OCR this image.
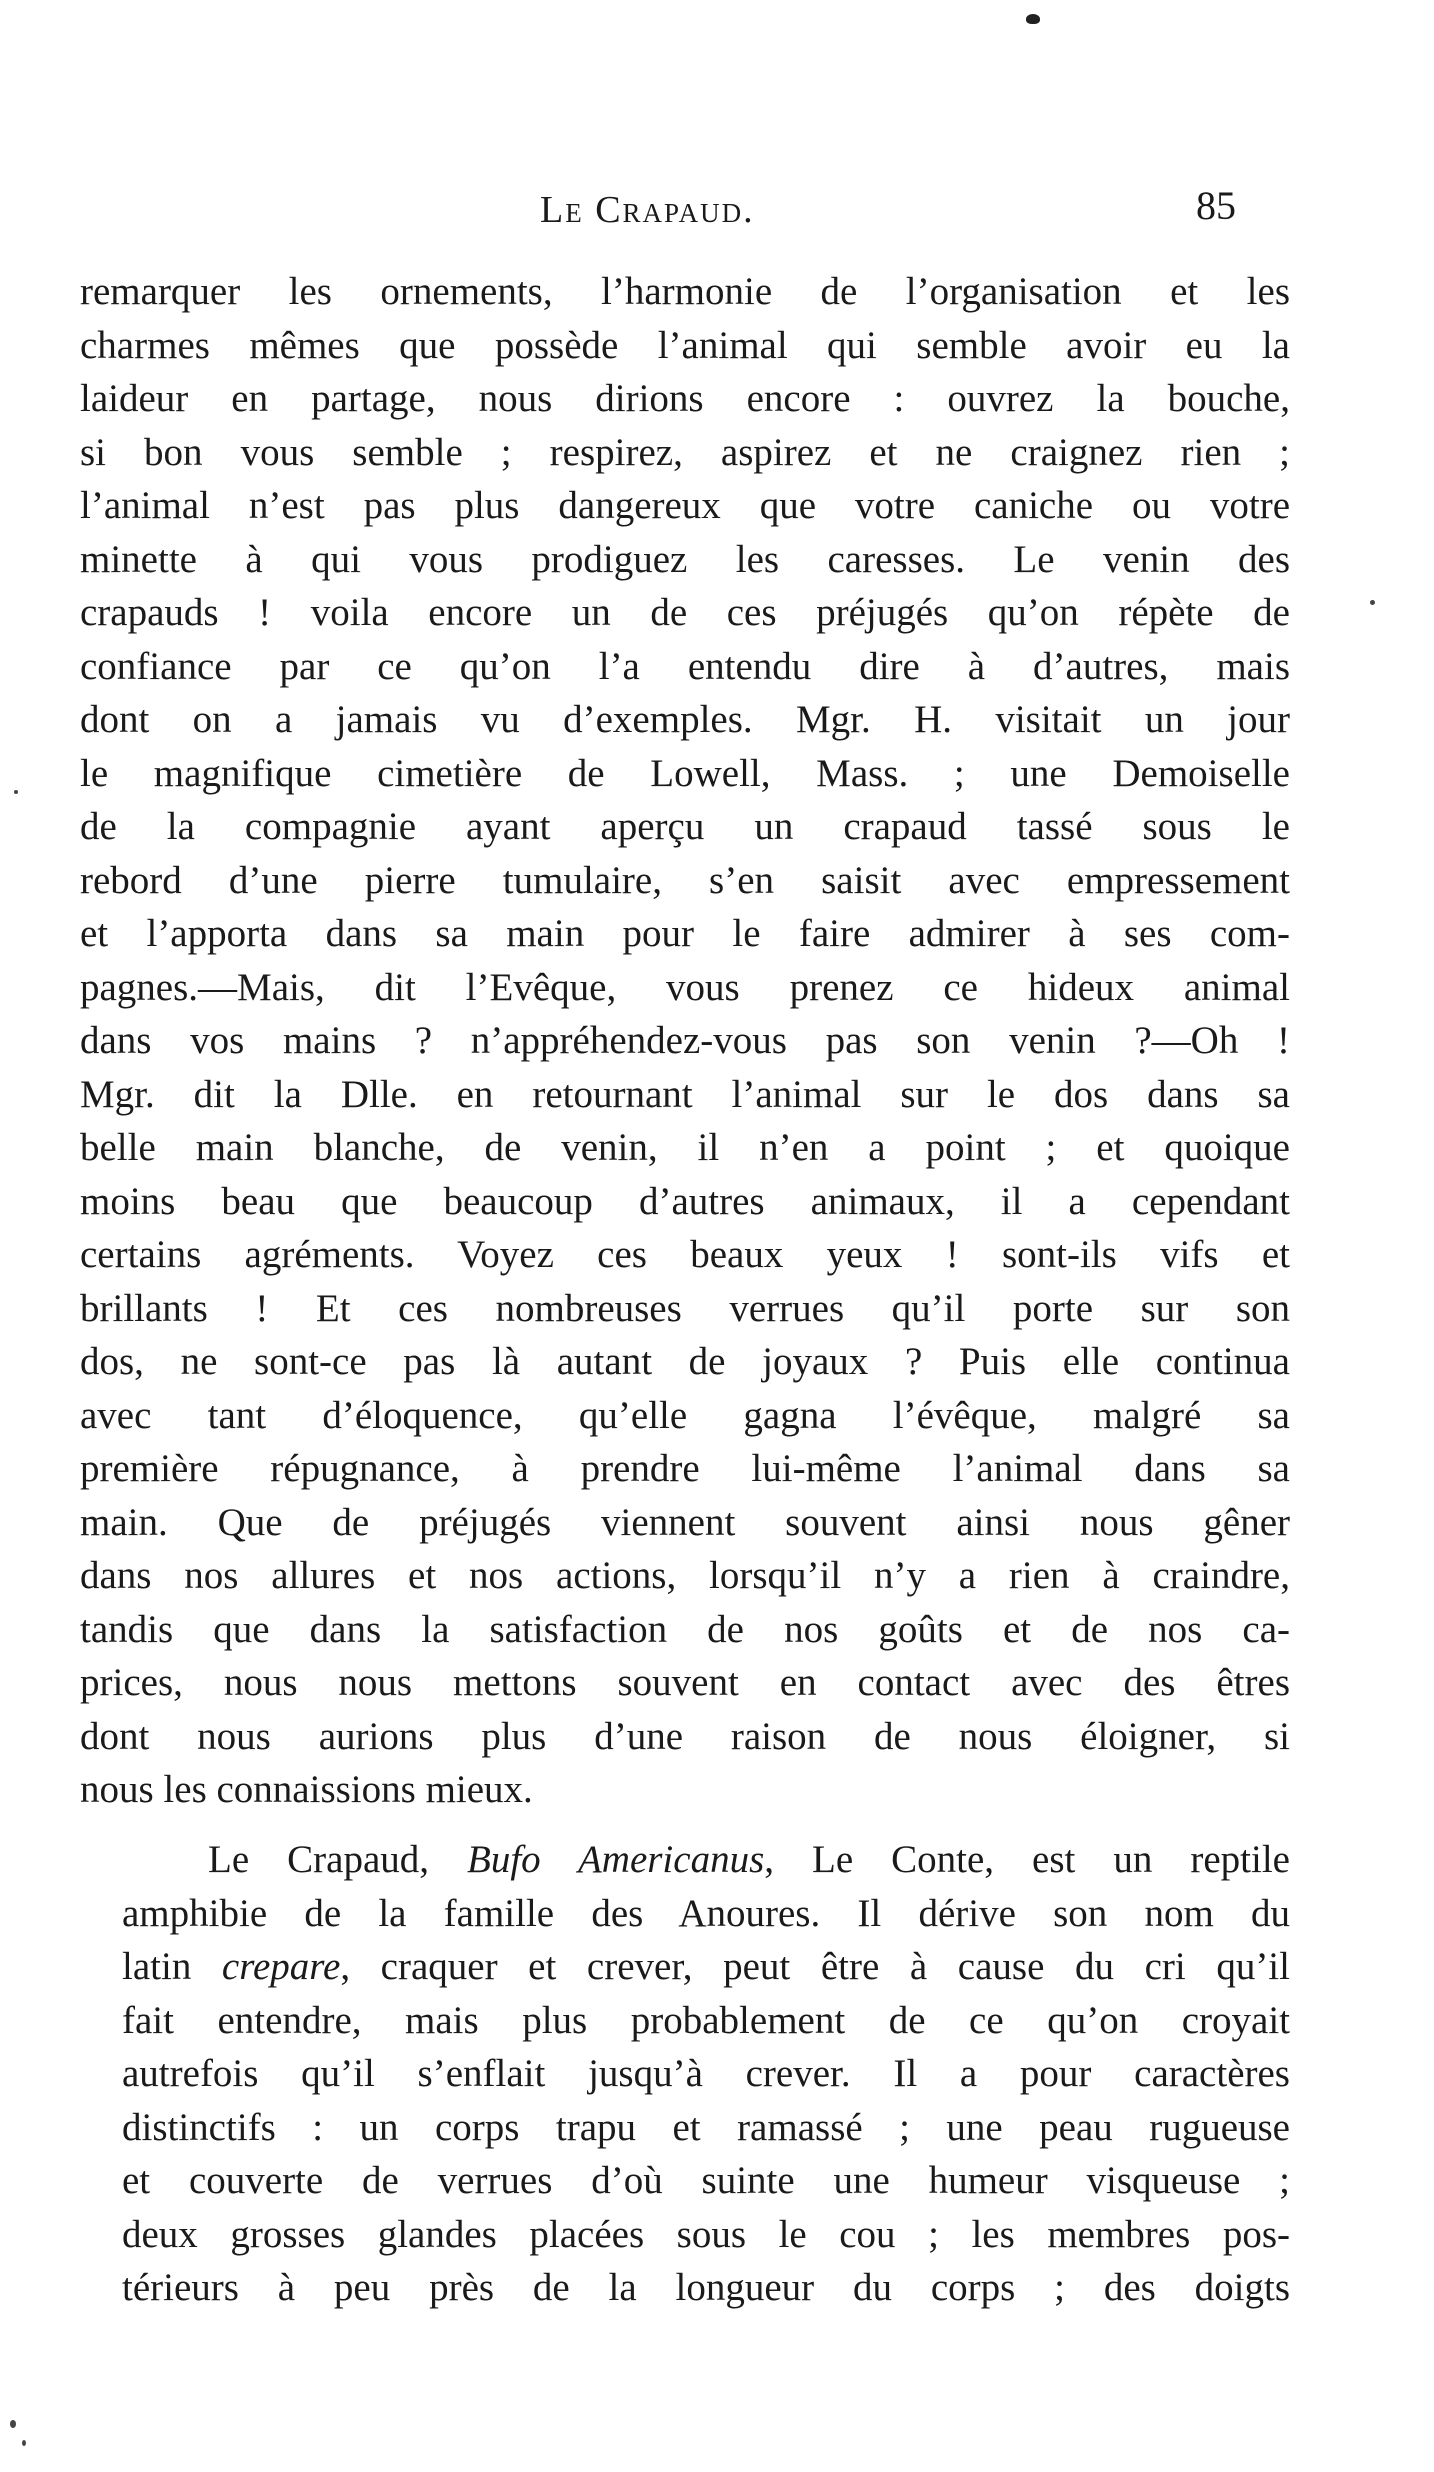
Le Crapaud.	85
remarquer les ornements, l’harmonie de l’organisation et les
charmes mêmes que possède l’animal qui semble avoir eu la
laideur en partage, nous dirions encore : ouvrez la bouche,
si bon vous semble ; respirez, aspirez et ne craignez rien ;
l’animal n’est pas plus dangereux que votre caniche ou votre
minette à qui vous prodiguez les caresses. Le venin des
crapauds ! voila encore un de ces préjugés qu’on répète de
confiance par ce qu’on l’a entendu dire à d’autres, mais
dont on a jamais vu d’exemples. Mgr. H. visitait un jour
le magnifique cimetière de Lowell, Mass. ; une Demoiselle
de la compagnie ayant aperçu un crapaud tassé sous le
rebord d’une pierre tumulaire, s’en saisit avec empressement
et l’apporta dans sa main pour le faire admirer à ses com-
pagnes.—Mais, dit l’Evêque, vous prenez ce hideux animal
dans vos mains ? n’appréhendez-vous pas son venin ?—Oh !
Mgr. dit la Dlle. en retournant l’animal sur le dos dans sa
belle main blanche, de venin, il n’en a point ; et quoique
moins beau que beaucoup d’autres animaux, il a cependant
certains agréments. Voyez ces beaux yeux ! sont-ils vifs et
brillants ! Et ces nombreuses verrues qu’il porte sur son
dos, ne sont-ce pas là autant de joyaux ? Puis elle continua
avec tant d’éloquence, qu’elle gagna l’évêque, malgré sa
première répugnance, à prendre lui-même l’animal dans sa
main. Que de préjugés viennent souvent ainsi nous gêner
dans nos allures et nos actions, lorsqu’il n’y a rien à craindre,
tandis que dans la satisfaction de nos goûts et de nos ca-
prices, nous nous mettons souvent en contact avec des êtres
dont nous aurions plus d’une raison de nous éloigner, si
nous les connaissions mieux.
Le Crapaud, Bufo Americanus, Le Conte, est un reptile
amphibie de la famille des Anoures. Il dérive son nom du
latin crepare, craquer et crever, peut être à cause du cri qu’il
fait entendre, mais plus probablement de ce qu’on croyait
autrefois qu’il s’enflait jusqu’à crever. Il a pour caractères
distinctifs : un corps trapu et ramassé ; une peau rugueuse
et couverte de verrues d’où suinte une humeur visqueuse ;
deux grosses glandes placées sous le cou ; les membres pos-
térieurs à peu près de la longueur du corps ; des doigts
